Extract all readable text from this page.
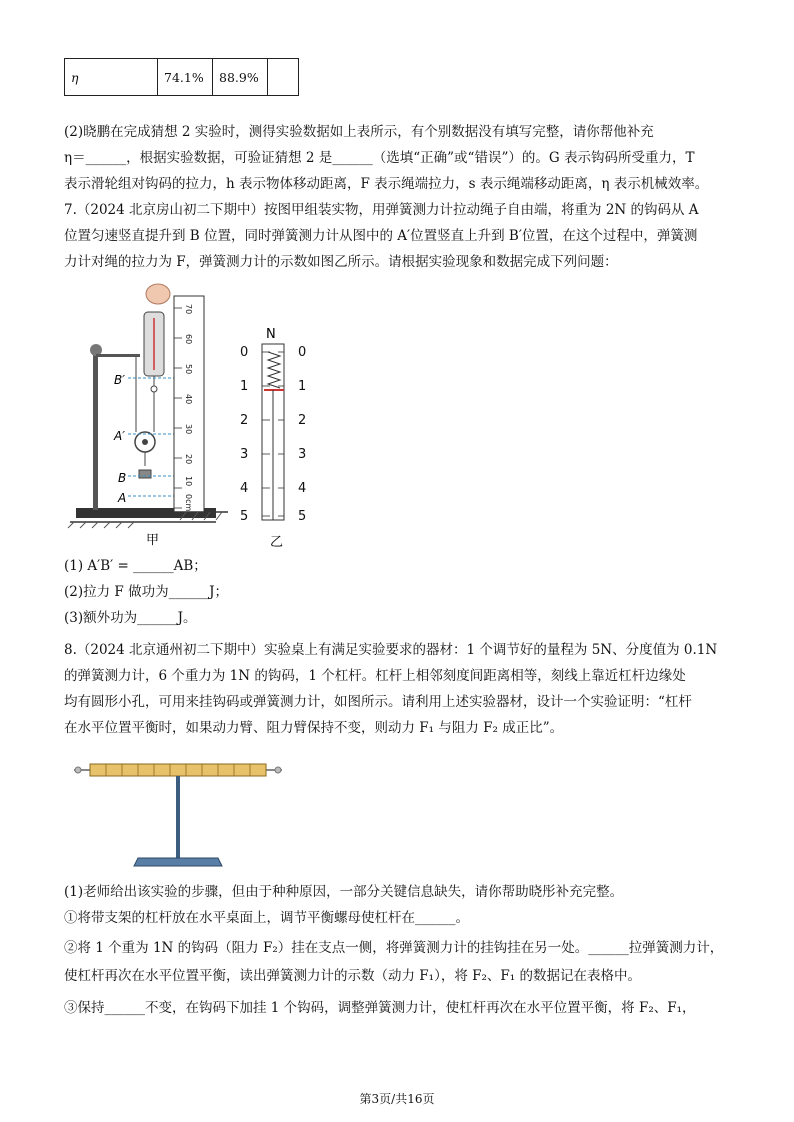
η	74.1%	88.9%	
(2)晓鹏在完成猜想 2 实验时，测得实验数据如上表所示，有个别数据没有填写完整，请你帮他补充
η＝______，根据实验数据，可验证猜想 2 是______（选填“正确”或“错误”）的。G 表示钩码所受重力，T
表示滑轮组对钩码的拉力，h 表示物体移动距离，F 表示绳端拉力，s 表示绳端移动距离，η 表示机械效率。
7.（2024 北京房山初二下期中）按图甲组装实物，用弹簧测力计拉动绳子自由端，将重为 2N 的钩码从 A
位置匀速竖直提升到 B 位置，同时弹簧测力计从图中的 A′位置竖直上升到 B′位置，在这个过程中，弹簧测
力计对绳的拉力为 F，弹簧测力计的示数如图乙所示。请根据实验现象和数据完成下列问题：
B′
A′
B
A
70
60
50
40
30
20
10
0cm
甲
N
0
1
2
3
4
5
0
1
2
3
4
5
乙
(1) A′B′ = ______AB；
(2)拉力 F 做功为______J；
(3)额外功为______J。
8.（2024 北京通州初二下期中）实验桌上有满足实验要求的器材：1 个调节好的量程为 5N、分度值为 0.1N
的弹簧测力计，6 个重力为 1N 的钩码，1 个杠杆。杠杆上相邻刻度间距离相等，刻线上靠近杠杆边缘处
均有圆形小孔，可用来挂钩码或弹簧测力计，如图所示。请利用上述实验器材，设计一个实验证明：“杠杆
在水平位置平衡时，如果动力臂、阻力臂保持不变，则动力 F₁ 与阻力 F₂ 成正比”。
(1)老师给出该实验的步骤，但由于种种原因，一部分关键信息缺失，请你帮助晓彤补充完整。
①将带支架的杠杆放在水平桌面上，调节平衡螺母使杠杆在______。
②将 1 个重为 1N 的钩码（阻力 F₂）挂在支点一侧，将弹簧测力计的挂钩挂在另一处。______拉弹簧测力计，
使杠杆再次在水平位置平衡，读出弹簧测力计的示数（动力 F₁），将 F₂、F₁ 的数据记在表格中。
③保持______不变，在钩码下加挂 1 个钩码，调整弹簧测力计，使杠杆再次在水平位置平衡，将 F₂、F₁，
第3页/共16页
